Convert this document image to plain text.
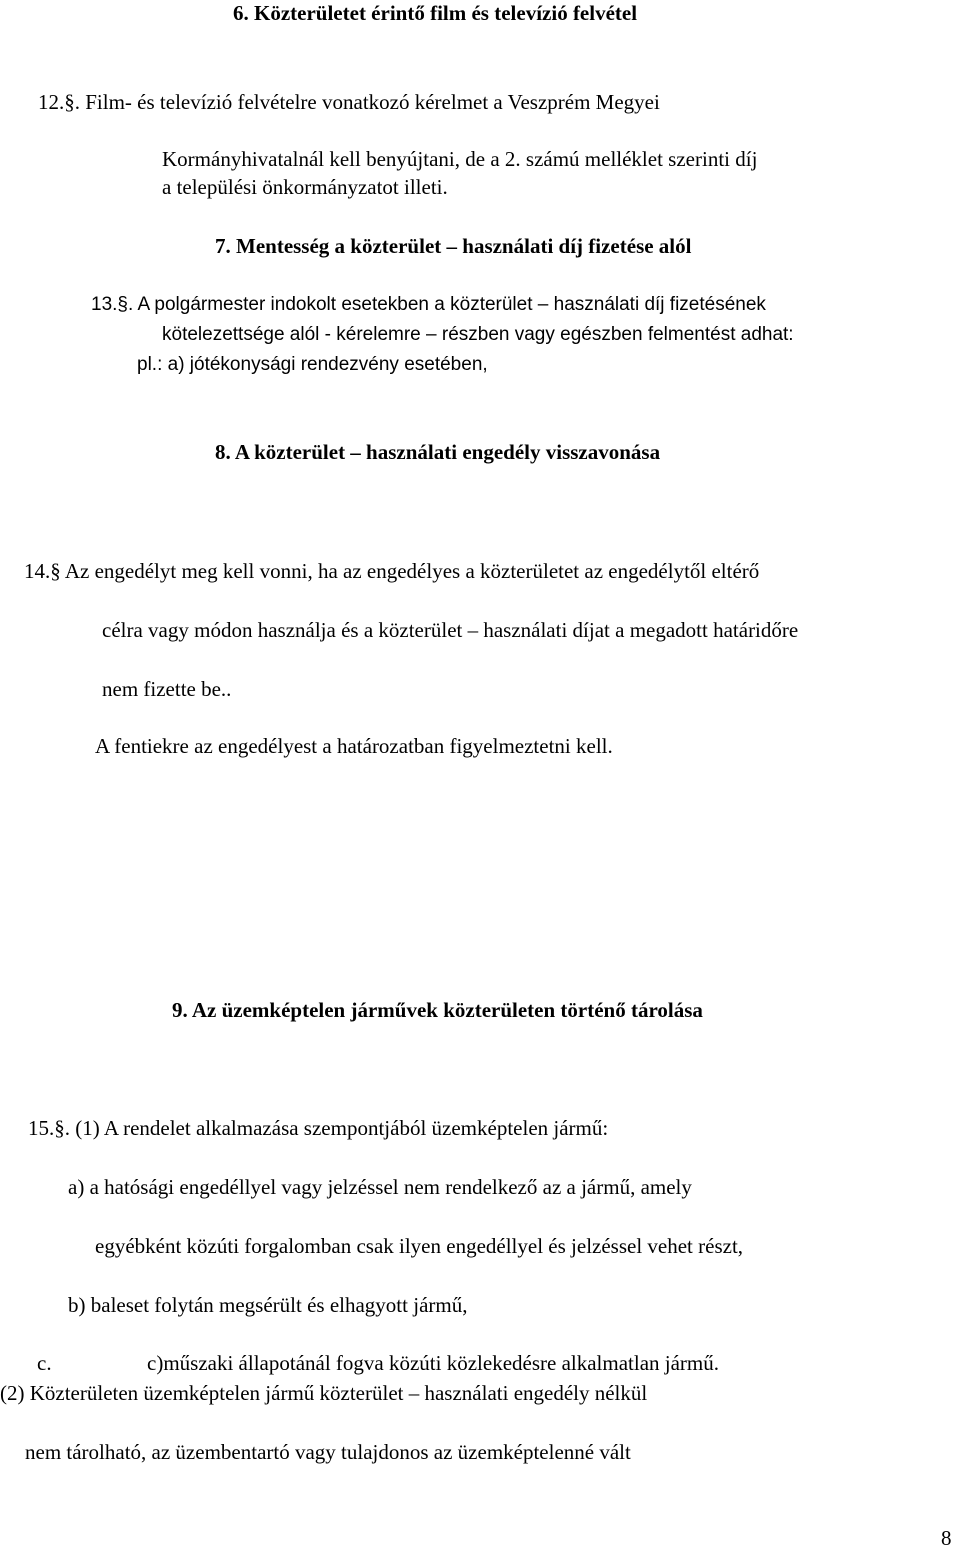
6. Közterületet érintő film és televízió felvétel
12.§. Film- és televízió felvételre vonatkozó kérelmet a Veszprém Megyei
Kormányhivatalnál kell benyújtani, de a 2. számú melléklet szerinti díj
a települési önkormányzatot illeti.
7. Mentesség a közterület – használati díj fizetése alól
13.§. A polgármester indokolt esetekben a közterület – használati díj fizetésének
kötelezettsége alól - kérelemre – részben vagy egészben felmentést adhat:
pl.: a) jótékonysági rendezvény esetében,
8. A közterület – használati engedély visszavonása
14.§ Az engedélyt meg kell vonni, ha az engedélyes a közterületet az engedélytől eltérő
célra vagy módon használja és a közterület – használati díjat a megadott határidőre
nem fizette be..
A fentiekre az engedélyest a határozatban figyelmeztetni kell.
9. Az üzemképtelen járművek közterületen történő tárolása
15.§. (1) A rendelet alkalmazása szempontjából üzemképtelen jármű:
a) a hatósági engedéllyel vagy jelzéssel nem rendelkező az a jármű, amely
egyébként közúti forgalomban csak ilyen engedéllyel és jelzéssel vehet részt,
b) baleset folytán megsérült és elhagyott jármű,
c.	c)műszaki állapotánál fogva közúti közlekedésre alkalmatlan jármű.
(2) Közterületen üzemképtelen jármű közterület – használati engedély nélkül
nem tárolható, az üzembentartó vagy tulajdonos az üzemképtelenné vált
8
